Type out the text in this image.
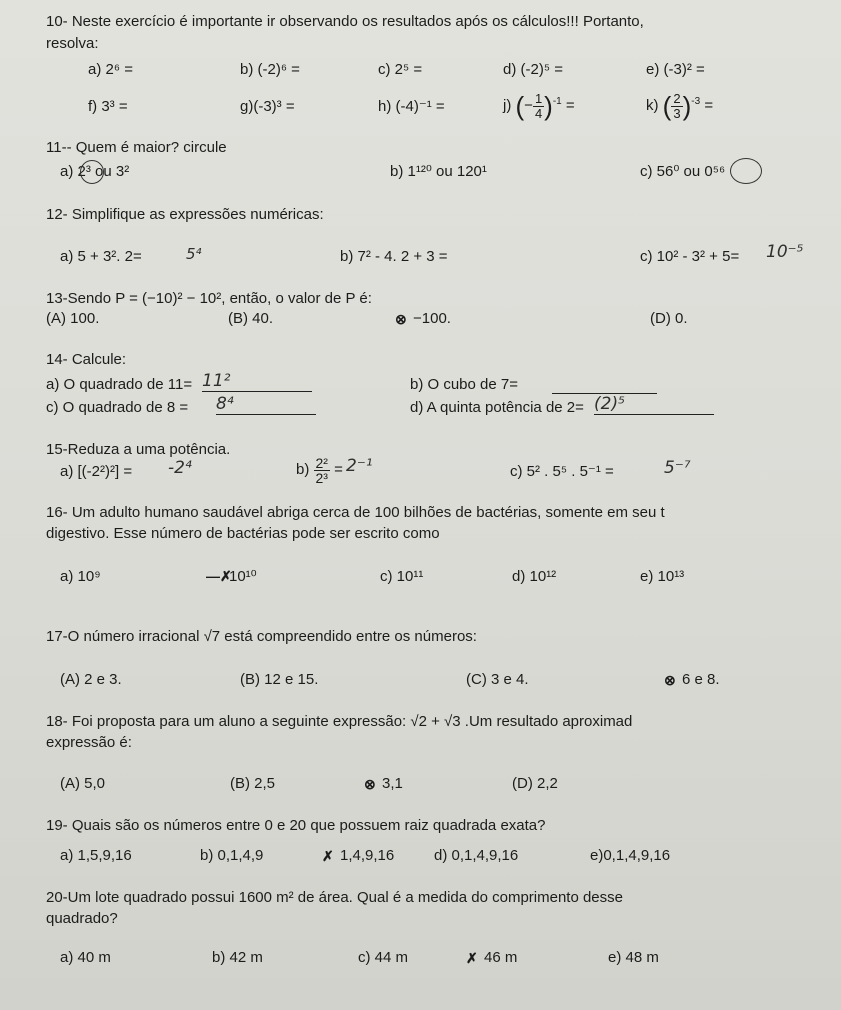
10- Neste exercício é importante ir observando os resultados após os cálculos!!! Portanto,
resolva:
a) 2⁶ =	b) (-2)⁶ =	c) 2⁵ =	d) (-2)⁵ =	e) (-3)² =
f) 3³ =	g)(-3)³ =	h) (-4)⁻¹ =	j) (− $\frac{1}{4} )^{-1}$ =	k) ( $\frac{2}{3} )^{-3}$ =
11-- Quem é maior? circule
a) 2³ ou 3²	b) 1¹²⁰ ou 120¹	c) 56⁰ ou 0⁵⁶
12- Simplifique as expressões numéricas:
a) 5 + 3². 2=	5⁴	b) 7² - 4. 2 + 3 =	c) 10² - 3² + 5= 10⁻⁵
13-Sendo P = (−10)² − 10², então, o valor de P é:
(A) 100.	(B) 40.	⊗ −100.	(D) 0.
14- Calcule:
a) O quadrado de 11= 11²	b) O cubo de 7=
c) O quadrado de 8 = 8⁴	d) A quinta potência de 2= (2)⁵
15-Reduza a uma potência.
a) [(-2²)²] = -2⁴	$b) \frac{\text{2²}}{\text{2³}} = 2^{-1}$	c) 5² . 5⁵ . 5⁻¹ =	5⁻⁷
16- Um adulto humano saudável abriga cerca de 100 bilhões de bactérias, somente em seu t
digestivo. Esse número de bactérias pode ser escrito como
a) 10⁹	—✗
10¹⁰	c) 10¹¹	d) 10¹²	e) 10¹³
17-O número irracional √7 está compreendido entre os números:
(A) 2 e 3.	(B) 12 e 15.	(C) 3 e 4.	⊗ 6 e 8.
18- Foi proposta para um aluno a seguinte expressão: √2 + √3 .Um resultado aproximad
expressão é:
(A) 5,0	(B) 2,5	⊗ 3,1	(D) 2,2
19- Quais são os números entre 0 e 20 que possuem raiz quadrada exata?
a) 1,5,9,16	b) 0,1,4,9	✗ 1,4,9,16	d) 0,1,4,9,16	e)0,1,4,9,16
20-Um lote quadrado possui 1600 m² de área. Qual é a medida do comprimento desse
quadrado?
a) 40 m	b) 42 m	c) 44 m	✗ 46 m	e) 48 m
